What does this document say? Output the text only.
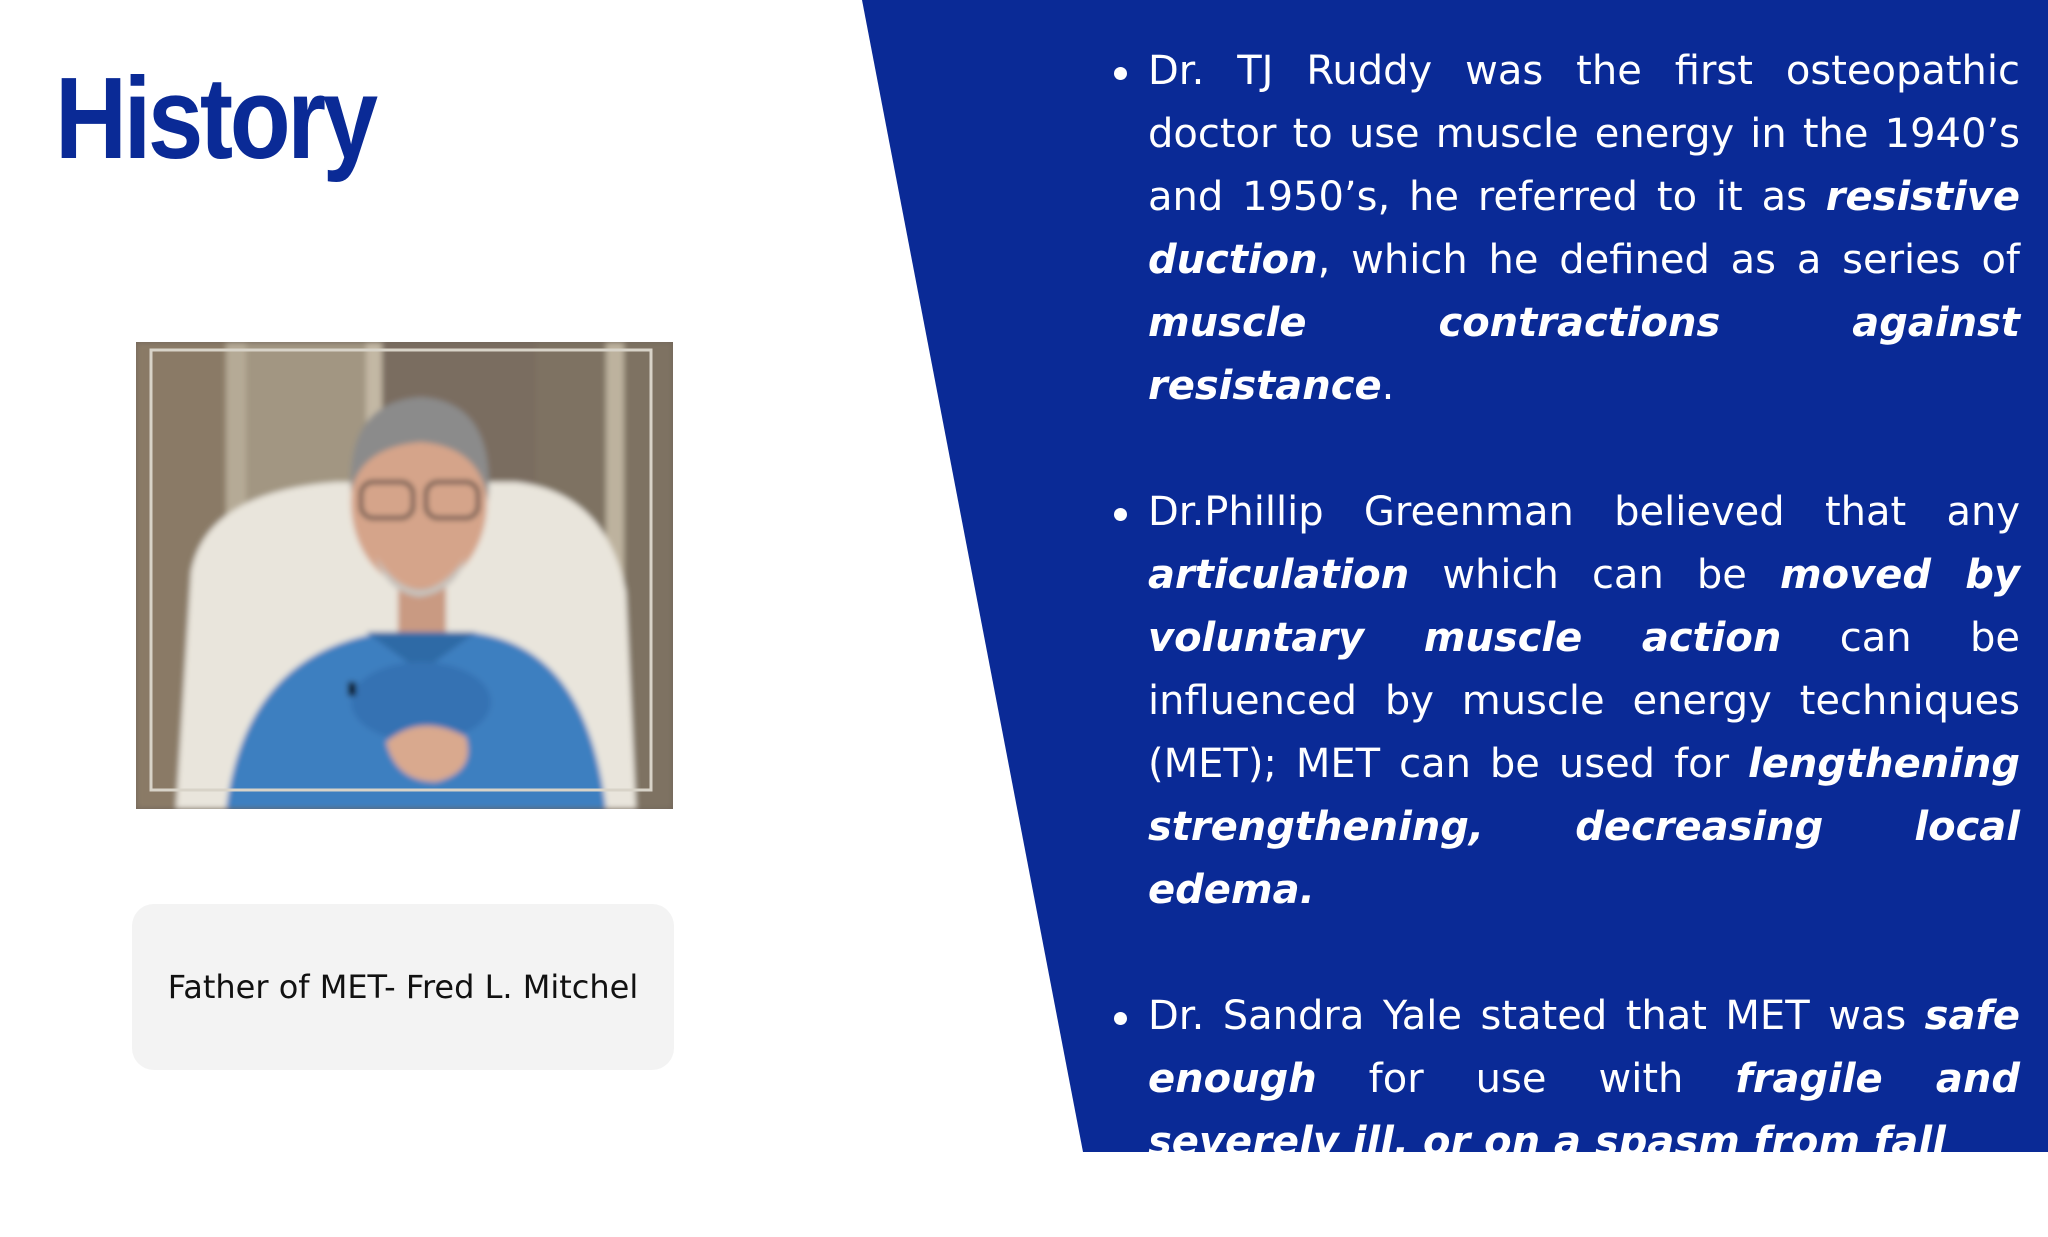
History
Father of MET- Fred L. Mitchel
Dr. TJ Ruddy was the first osteopathic doctor to use muscle energy in the 1940’s and 1950’s, he referred to it as resistive duction, which he defined as a series of muscle contractions against resistance.
Dr.Phillip Greenman believed that any articulation which can be moved by voluntary muscle action can be influenced by muscle energy techniques (MET); MET can be used for lengthening strengthening, decreasing local edema.
Dr. Sandra Yale stated that MET was safe enough for use with fragile and severely ill, or on a spasm from fall
